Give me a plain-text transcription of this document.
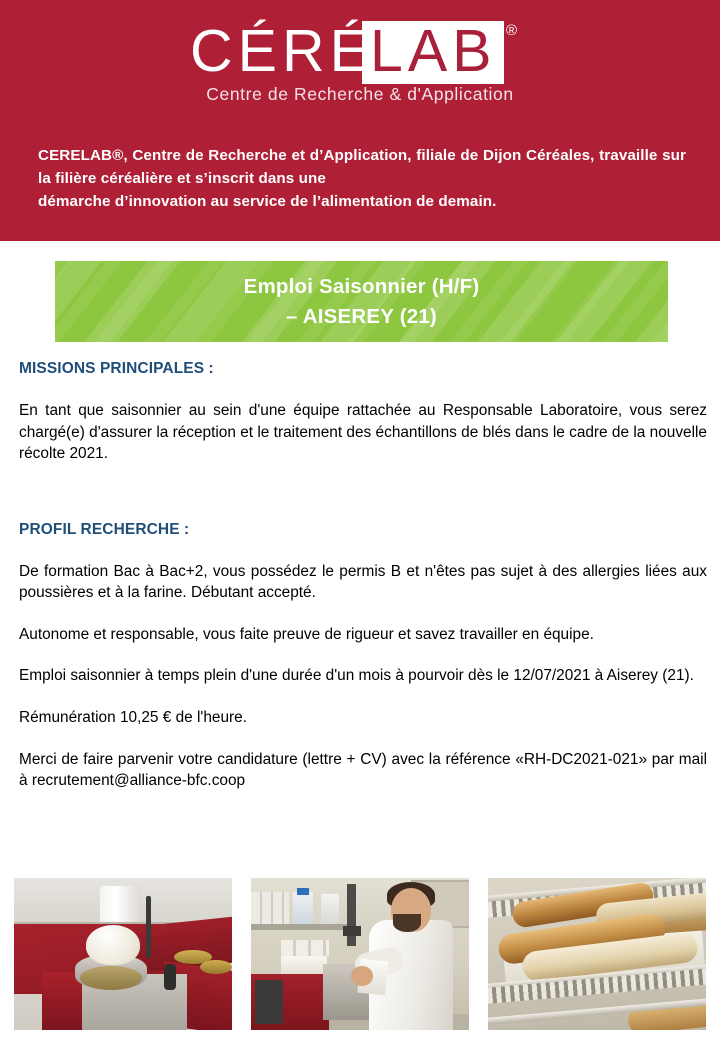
CÉRÉ
LAB ®
Centre de Recherche & d'Application
CERELAB®, Centre de Recherche et d’Application, filiale de Dijon Céréales, travaille sur la filière céréalière et s’inscrit dans une
démarche d’innovation au service de l’alimentation de demain.
Emploi Saisonnier (H/F)
– AISEREY (21)
MISSIONS PRINCIPALES :

En tant que saisonnier au sein d'une équipe rattachée au Responsable Laboratoire, vous serez chargé(e) d'assurer la réception et le traitement des échantillons de blés dans le cadre de la nouvelle récolte 2021.

PROFIL RECHERCHE :

De formation Bac à Bac+2, vous possédez le permis B et n'êtes pas sujet à des allergies liées aux poussières et à la farine. Débutant accepté.

Autonome et responsable, vous faite preuve de rigueur et savez travailler en équipe.

Emploi saisonnier à temps plein d'une durée d'un mois à pourvoir dès le 12/07/2021 à Aiserey (21).

Rémunération 10,25 € de l'heure.

Merci de faire parvenir votre candidature (lettre + CV) avec la référence «RH-DC2021-021» par mail à recrutement@alliance-bfc.coop
